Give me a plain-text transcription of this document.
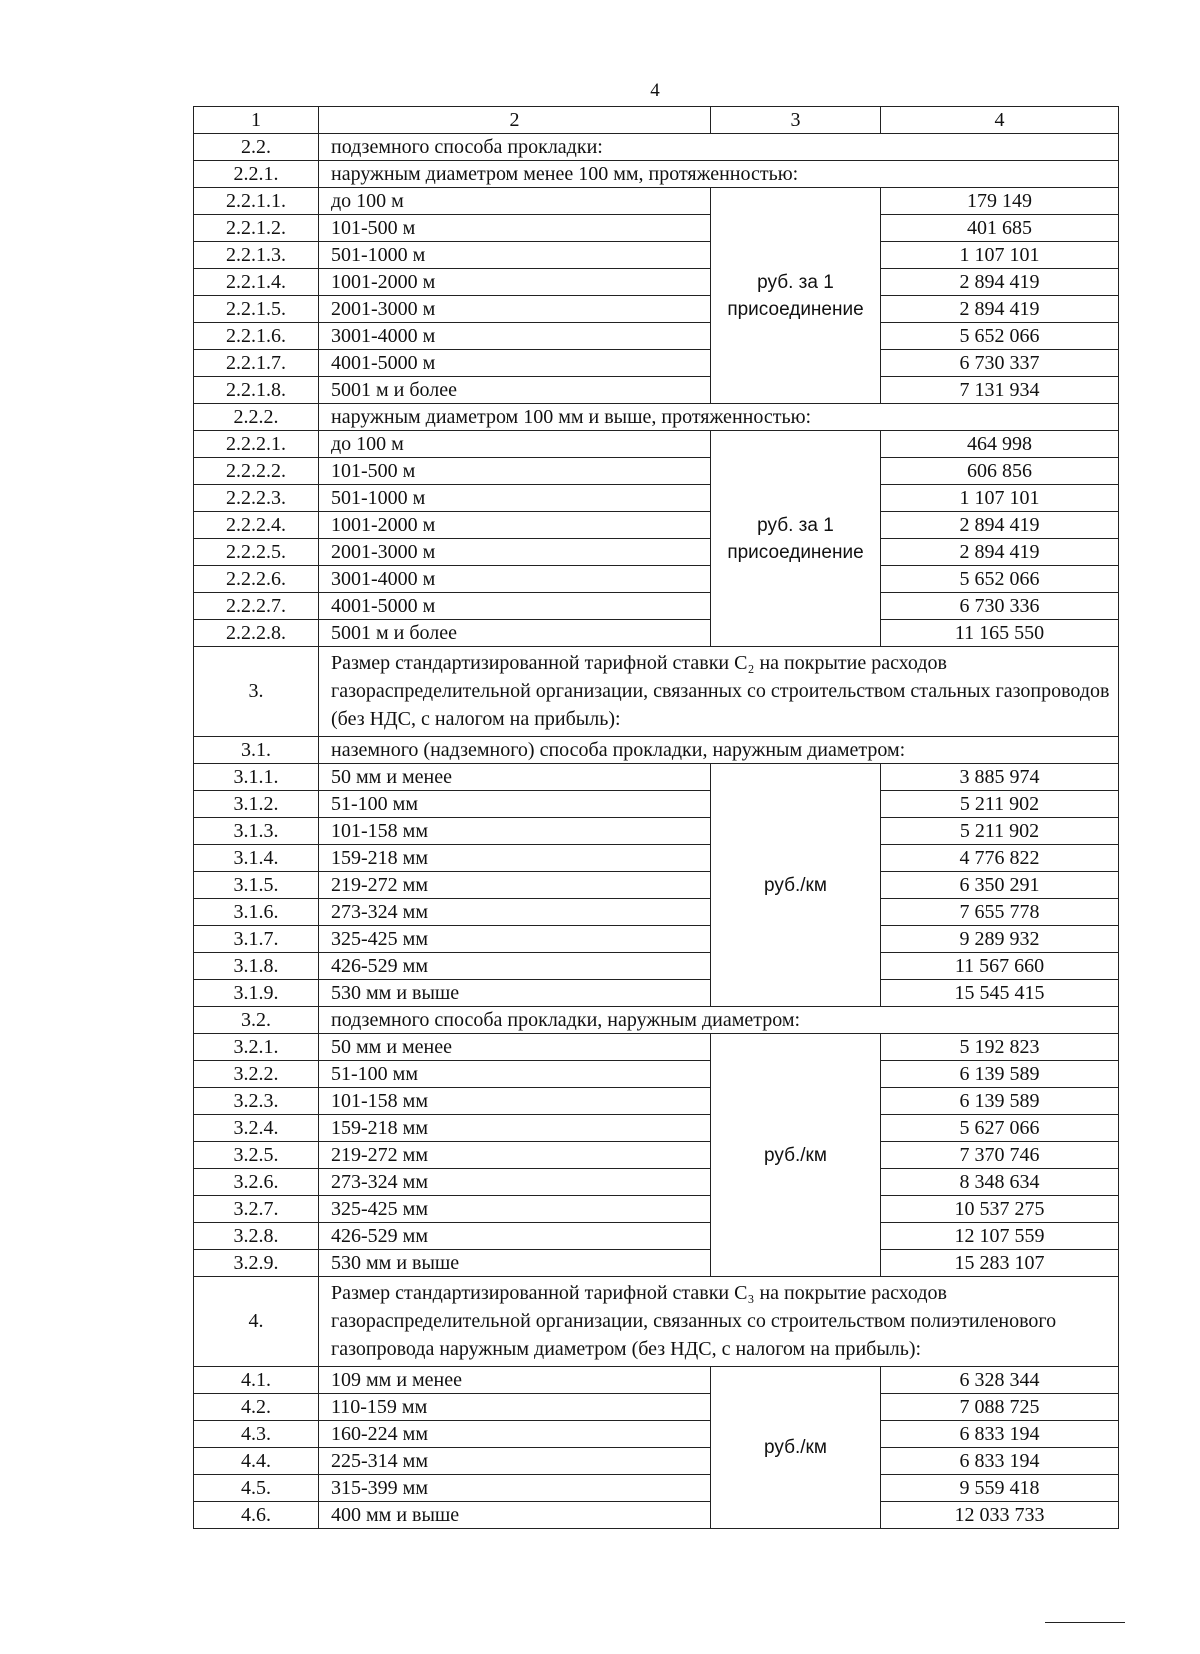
4
1	2	3	4
2.2.	подземного способа прокладки:		
2.2.1.	наружным диаметром менее 100 мм, протяженностью:		
2.2.1.1.	до 100 м	руб. за 1 присоединение	179 149
2.2.1.2.	101-500 м		401 685
2.2.1.3.	501-1000 м		1 107 101
2.2.1.4.	1001-2000 м		2 894 419
2.2.1.5.	2001-3000 м		2 894 419
2.2.1.6.	3001-4000 м		5 652 066
2.2.1.7.	4001-5000 м		6 730 337
2.2.1.8.	5001 м и более		7 131 934
2.2.2.	наружным диаметром 100 мм и выше, протяженностью:		
2.2.2.1.	до 100 м	руб. за 1 присоединение	464 998
2.2.2.2.	101-500 м		606 856
2.2.2.3.	501-1000 м		1 107 101
2.2.2.4.	1001-2000 м		2 894 419
2.2.2.5.	2001-3000 м		2 894 419
2.2.2.6.	3001-4000 м		5 652 066
2.2.2.7.	4001-5000 м		6 730 336
2.2.2.8.	5001 м и более		11 165 550
3.	Размер стандартизированной тарифной ставки С₂ на покрытие расходов газораспределительной организации, связанных со строительством стальных газопроводов (без НДС, с налогом на прибыль):		
3.1.	наземного (надземного) способа прокладки, наружным диаметром:		
3.1.1.	50 мм и менее	руб./км	3 885 974
3.1.2.	51-100 мм		5 211 902
3.1.3.	101-158 мм		5 211 902
3.1.4.	159-218 мм		4 776 822
3.1.5.	219-272 мм		6 350 291
3.1.6.	273-324 мм		7 655 778
3.1.7.	325-425 мм		9 289 932
3.1.8.	426-529 мм		11 567 660
3.1.9.	530 мм и выше		15 545 415
3.2.	подземного способа прокладки, наружным диаметром:		
3.2.1.	50 мм и менее	руб./км	5 192 823
3.2.2.	51-100 мм		6 139 589
3.2.3.	101-158 мм		6 139 589
3.2.4.	159-218 мм		5 627 066
3.2.5.	219-272 мм		7 370 746
3.2.6.	273-324 мм		8 348 634
3.2.7.	325-425 мм		10 537 275
3.2.8.	426-529 мм		12 107 559
3.2.9.	530 мм и выше		15 283 107
4.	Размер стандартизированной тарифной ставки С₃ на покрытие расходов газораспределительной организации, связанных со строительством полиэтиленового газопровода наружным диаметром (без НДС, с налогом на прибыль):		
4.1.	109 мм и менее	руб./км	6 328 344
4.2.	110-159 мм		7 088 725
4.3.	160-224 мм		6 833 194
4.4.	225-314 мм		6 833 194
4.5.	315-399 мм		9 559 418
4.6.	400 мм и выше		12 033 733
